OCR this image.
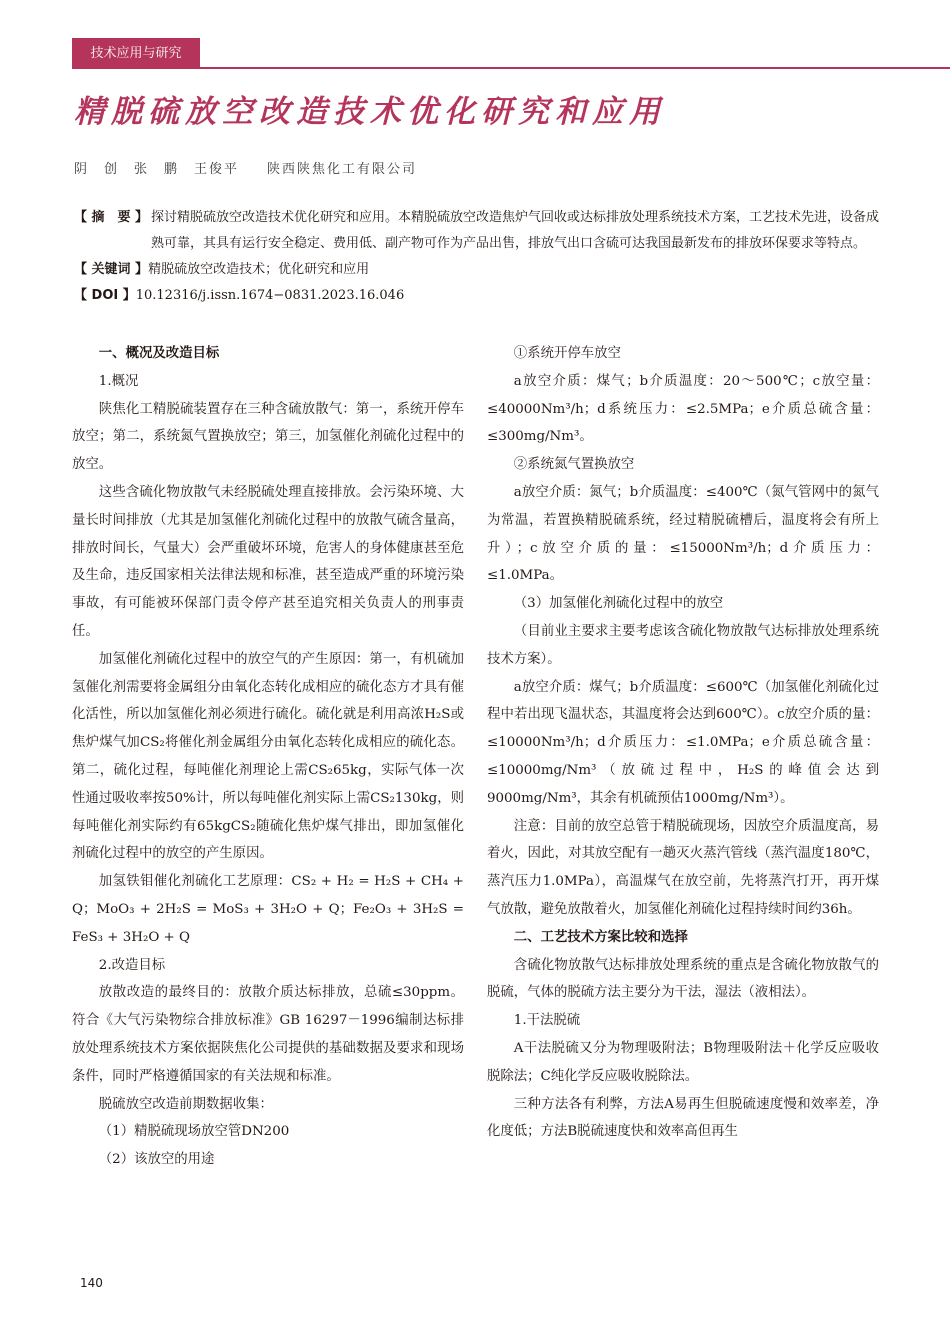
技术应用与研究
精脱硫放空改造技术优化研究和应用
阴　创　张　鹏　王俊平 陕西陕焦化工有限公司
【 摘　要 】 探讨精脱硫放空改造技术优化研究和应用。本精脱硫放空改造焦炉气回收或达标排放处理系统技术方案，工艺技术先进，设备成熟可靠，其具有运行安全稳定、费用低、副产物可作为产品出售，排放气出口含硫可达我国最新发布的排放环保要求等特点。
【 关键词 】 精脱硫放空改造技术；优化研究和应用
【 DOI 】 10.12316/j.issn.1674−0831.2023.16.046

一、概况及改造目标

1.概况

陕焦化工精脱硫装置存在三种含硫放散气：第一，系统开停车放空；第二，系统氮气置换放空；第三，加氢催化剂硫化过程中的放空。

这些含硫化物放散气未经脱硫处理直接排放。会污染环境、大量长时间排放（尤其是加氢催化剂硫化过程中的放散气硫含量高，排放时间长，气量大）会严重破坏环境，危害人的身体健康甚至危及生命，违反国家相关法律法规和标准，甚至造成严重的环境污染事故，有可能被环保部门责令停产甚至追究相关负责人的刑事责任。

加氢催化剂硫化过程中的放空气的产生原因：第一，有机硫加氢催化剂需要将金属组分由氧化态转化成相应的硫化态方才具有催化活性，所以加氢催化剂必须进行硫化。硫化就是利用高浓H₂S或焦炉煤气加CS₂将催化剂金属组分由氧化态转化成相应的硫化态。第二，硫化过程，每吨催化剂理论上需CS₂65kg，实际气体一次性通过吸收率按50%计，所以每吨催化剂实际上需CS₂130kg，则每吨催化剂实际约有65kgCS₂随硫化焦炉煤气排出，即加氢催化剂硫化过程中的放空的产生原因。

加氢铁钼催化剂硫化工艺原理：CS₂ + H₂ = H₂S + CH₄ + Q；MoO₃ + 2H₂S = MoS₃ + 3H₂O + Q；Fe₂O₃ + 3H₂S = FeS₃ + 3H₂O + Q

2.改造目标

放散改造的最终目的：放散介质达标排放，总硫≤30ppm。符合《大气污染物综合排放标准》GB 16297－1996编制达标排放处理系统技术方案依据陕焦化公司提供的基础数据及要求和现场条件，同时严格遵循国家的有关法规和标准。

脱硫放空改造前期数据收集：

（1）精脱硫现场放空管DN200

（2）该放空的用途

①系统开停车放空

a放空介质：煤气；b介质温度：20～500℃；c放空量：≤40000Nm³/h；d系统压力：≤2.5MPa；e介质总硫含量：≤300mg/Nm³。

②系统氮气置换放空

a放空介质：氮气；b介质温度：≤400℃（氮气管网中的氮气为常温，若置换精脱硫系统，经过精脱硫槽后，温度将会有所上升）；c放空介质的量：≤15000Nm³/h；d介质压力：≤1.0MPa。

（3）加氢催化剂硫化过程中的放空

（目前业主要求主要考虑该含硫化物放散气达标排放处理系统技术方案）。

a放空介质：煤气；b介质温度：≤600℃（加氢催化剂硫化过程中若出现飞温状态，其温度将会达到600℃）。c放空介质的量：≤10000Nm³/h；d介质压力：≤1.0MPa；e介质总硫含量：≤10000mg/Nm³（放硫过程中，H₂S的峰值会达到9000mg/Nm³，其余有机硫预估1000mg/Nm³）。

注意：目前的放空总管于精脱硫现场，因放空介质温度高，易着火，因此，对其放空配有一趟灭火蒸汽管线（蒸汽温度180℃，蒸汽压力1.0MPa），高温煤气在放空前，先将蒸汽打开，再开煤气放散，避免放散着火，加氢催化剂硫化过程持续时间约36h。

二、工艺技术方案比较和选择

含硫化物放散气达标排放处理系统的重点是含硫化物放散气的脱硫，气体的脱硫方法主要分为干法，湿法（液相法）。

1.干法脱硫

A干法脱硫又分为物理吸附法；B物理吸附法＋化学反应吸收脱除法；C纯化学反应吸收脱除法。

三种方法各有利弊，方法A易再生但脱硫速度慢和效率差，净化度低；方法B脱硫速度快和效率高但再生

140
